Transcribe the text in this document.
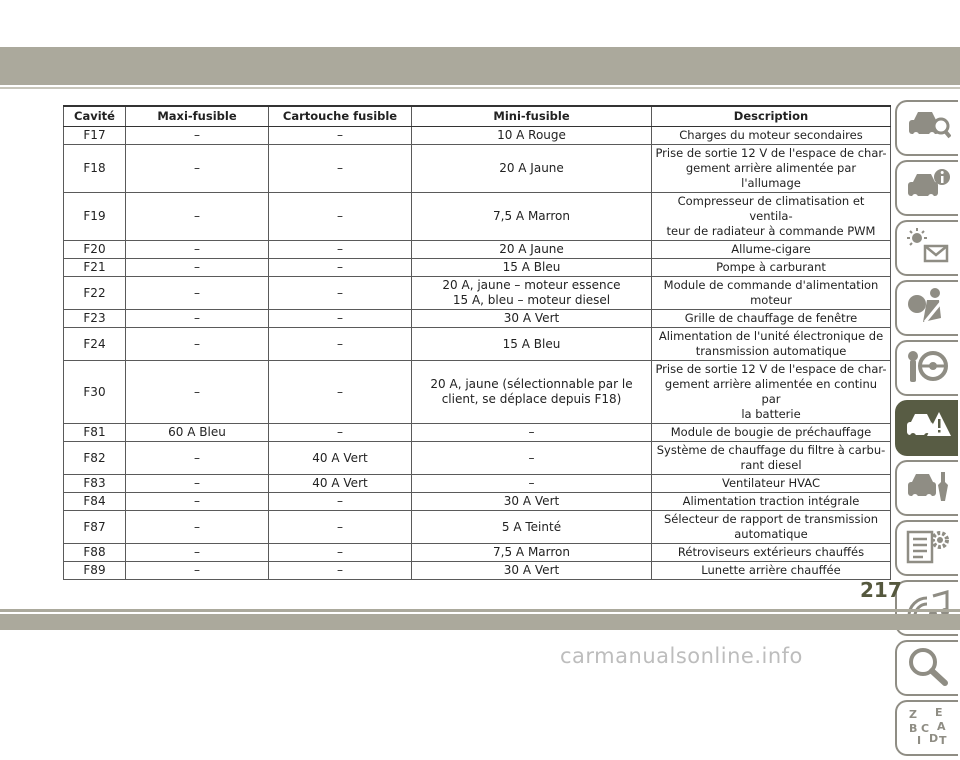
Cavité	Maxi-fusible	Cartouche fusible	Mini-fusible	Description
F17	–	–	10 A Rouge	Charges du moteur secondaires
F18	–	–	20 A Jaune	Prise de sortie 12 V de l'espace de char-
gement arrière alimentée par l'allumage
F19	–	–	7,5 A Marron	Compresseur de climatisation et ventila-
teur de radiateur à commande PWM
F20	–	–	20 A Jaune	Allume-cigare
F21	–	–	15 A Bleu	Pompe à carburant
F22	–	–	20 A, jaune – moteur essence
15 A, bleu – moteur diesel	Module de commande d'alimentation
moteur
F23	–	–	30 A Vert	Grille de chauffage de fenêtre
F24	–	–	15 A Bleu	Alimentation de l'unité électronique de
transmission automatique
F30	–	–	20 A, jaune (sélectionnable par le
client, se déplace depuis F18)	Prise de sortie 12 V de l'espace de char-
gement arrière alimentée en continu par
la batterie
F81	60 A Bleu	–	–	Module de bougie de préchauffage
F82	–	40 A Vert	–	Système de chauffage du filtre à carbu-
rant diesel
F83	–	40 A Vert	–	Ventilateur HVAC
F84	–	–	30 A Vert	Alimentation traction intégrale
F87	–	–	5 A Teinté	Sélecteur de rapport de transmission
automatique
F88	–	–	7,5 A Marron	Rétroviseurs extérieurs chauffés
F89	–	–	30 A Vert	Lunette arrière chauffée
Z E
B A
D
I
C
T
217
carmanualsonline.info
